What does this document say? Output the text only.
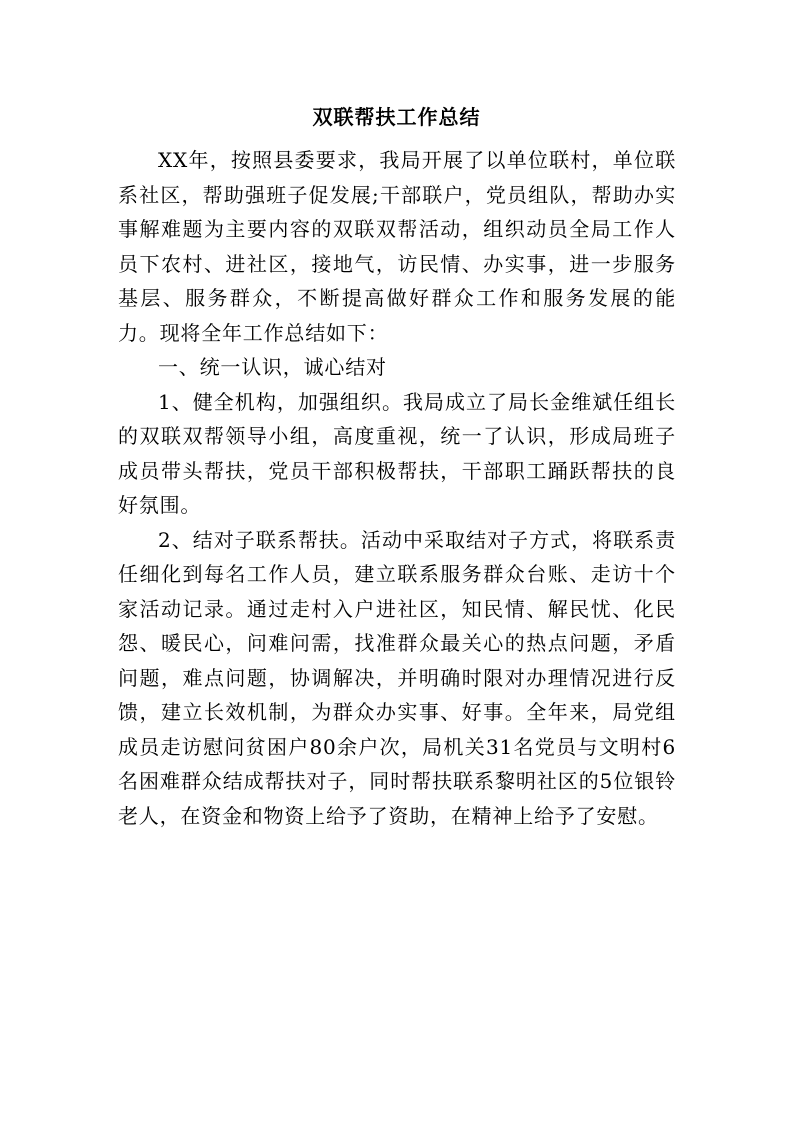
双联帮扶工作总结

XX年，按照县委要求，我局开展了以单位联村，单位联系社区，帮助强班子促发展;干部联户，党员组队，帮助办实事解难题为主要内容的双联双帮活动，组织动员全局工作人员下农村、进社区，接地气，访民情、办实事，进一步服务基层、服务群众，不断提高做好群众工作和服务发展的能力。现将全年工作总结如下：

一、统一认识，诚心结对

1、健全机构，加强组织。我局成立了局长金维斌任组长的双联双帮领导小组，高度重视，统一了认识，形成局班子成员带头帮扶，党员干部积极帮扶，干部职工踊跃帮扶的良好氛围。

2、结对子联系帮扶。活动中采取结对子方式，将联系责任细化到每名工作人员，建立联系服务群众台账、走访十个家活动记录。通过走村入户进社区，知民情、解民忧、化民怨、暖民心，问难问需，找准群众最关心的热点问题，矛盾问题，难点问题，协调解决，并明确时限对办理情况进行反馈，建立长效机制，为群众办实事、好事。全年来，局党组成员走访慰问贫困户80余户次，局机关31名党员与文明村6名困难群众结成帮扶对子，同时帮扶联系黎明社区的5位银铃老人，在资金和物资上给予了资助，在精神上给予了安慰。
